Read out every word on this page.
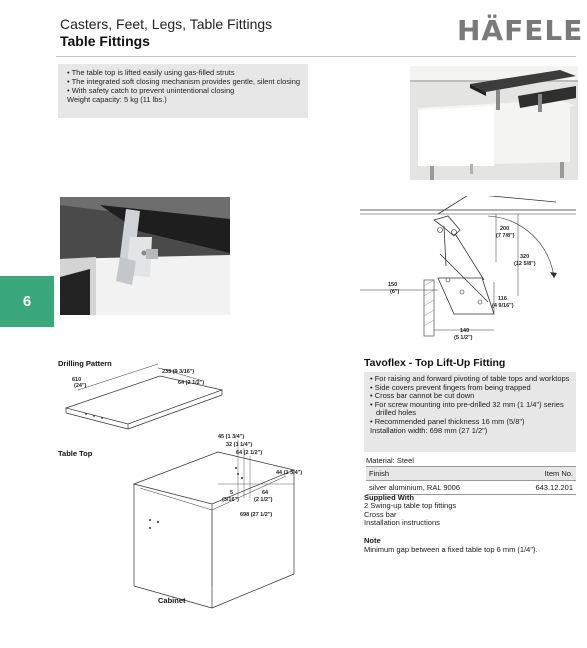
Casters, Feet, Legs, Table Fittings
Table Fittings	HÄFELE
• The table top is lifted easily using gas-filled struts
• The integrated soft closing mechanism provides gentle, silent closing
• With safety catch to prevent unintentional closing
Weight capacity: 5 kg (11 lbs.)
6
200
(7 7/8")
320
(12 5/8")
150
(6")
116
(4 9/16")
140
(5 1/2")
Drilling Pattern
610
(24")
233 (9 3/16")
64 (2 1/2")
Table Top
45 (1 3/4")
32 (1 1/4")
64 (2 1/2")
44 (1 3/4")
5
(3/16")
64
(2 1/2")
698 (27 1/2")
Cabinet
Tavoflex - Top Lift-Up Fitting
• For raising and forward pivoting of table tops and worktops
• Side covers prevent fingers from being trapped
• Cross bar cannot be cut down
• For screw mounting into pre-drilled 32 mm (1 1/4") series drilled holes
• Recommended panel thickness 16 mm (5/8")
Installation width: 698 mm (27 1/2")
Material: Steel
Finish	Item No.
silver aluminium, RAL 9006	643.12.201
Supplied With
2 Swing-up table top fittings
Cross bar
Installation instructions
Note
Minimum gap between a fixed table top 6 mm (1/4").
